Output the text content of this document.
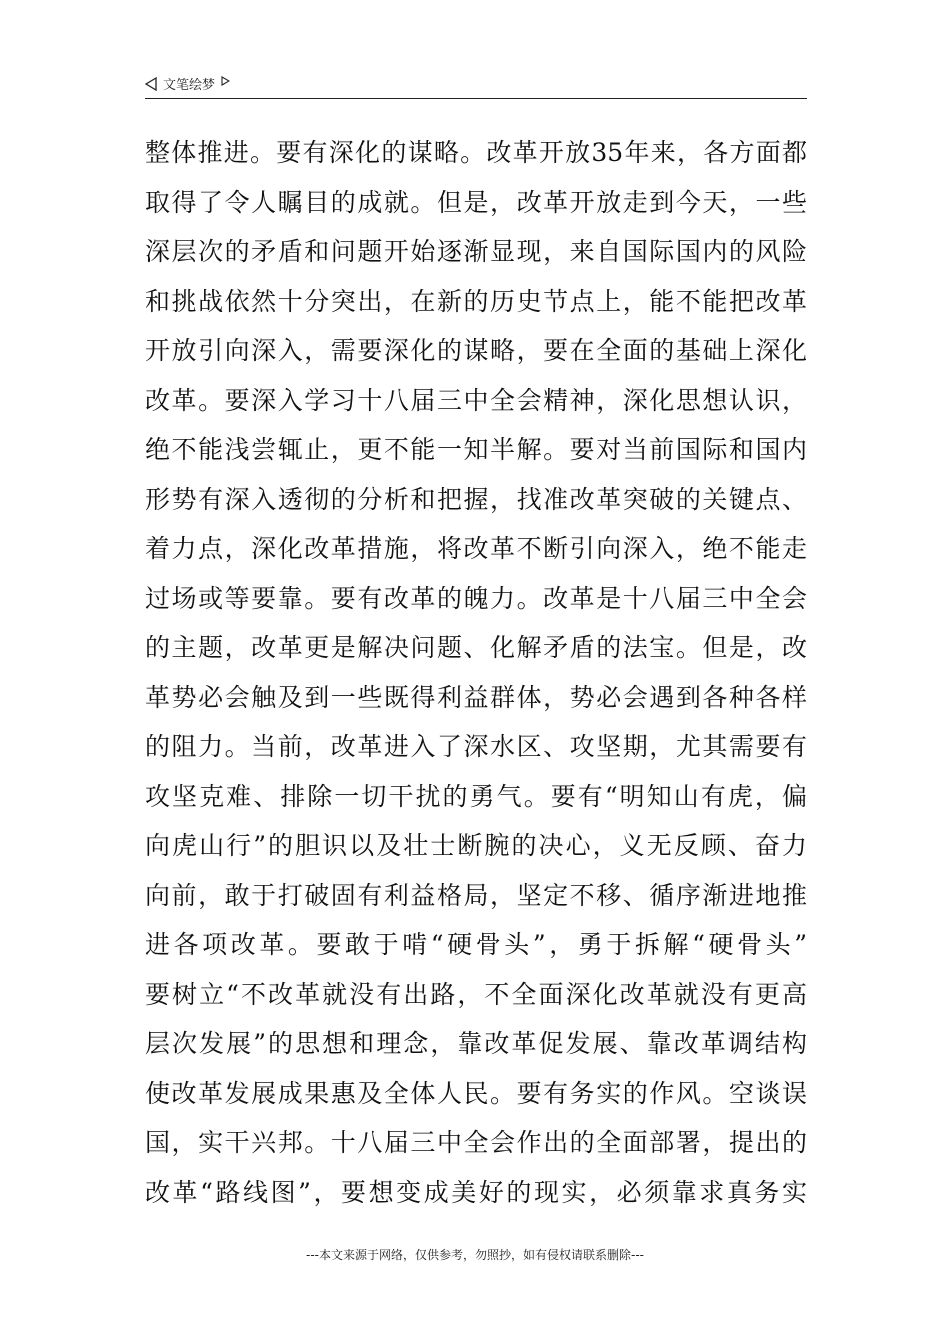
文笔绘梦
整体推进。要有深化的谋略。改革开放35年来，各方面都
取得了令人瞩目的成就。但是，改革开放走到今天，一些
深层次的矛盾和问题开始逐渐显现，来自国际国内的风险
和挑战依然十分突出，在新的历史节点上，能不能把改革
开放引向深入，需要深化的谋略，要在全面的基础上深化
改革。要深入学习十八届三中全会精神，深化思想认识，
绝不能浅尝辄止，更不能一知半解。要对当前国际和国内
形势有深入透彻的分析和把握，找准改革突破的关键点、
着力点，深化改革措施，将改革不断引向深入，绝不能走
过场或等要靠。要有改革的魄力。改革是十八届三中全会
的主题，改革更是解决问题、化解矛盾的法宝。但是，改
革势必会触及到一些既得利益群体，势必会遇到各种各样
的阻力。当前，改革进入了深水区、攻坚期，尤其需要有
攻坚克难、排除一切干扰的勇气。要有“明知山有虎，偏
向虎山行”的胆识以及壮士断腕的决心，义无反顾、奋力
向前，敢于打破固有利益格局，坚定不移、循序渐进地推
进各项改革。要敢于啃“硬骨头”，勇于拆解“硬骨头”
要树立“不改革就没有出路，不全面深化改革就没有更高
层次发展”的思想和理念，靠改革促发展、靠改革调结构
使改革发展成果惠及全体人民。要有务实的作风。空谈误
国，实干兴邦。十八届三中全会作出的全面部署，提出的
改革“路线图”，要想变成美好的现实，必须靠求真务实
---本文来源于网络，仅供参考，勿照抄，如有侵权请联系删除---
